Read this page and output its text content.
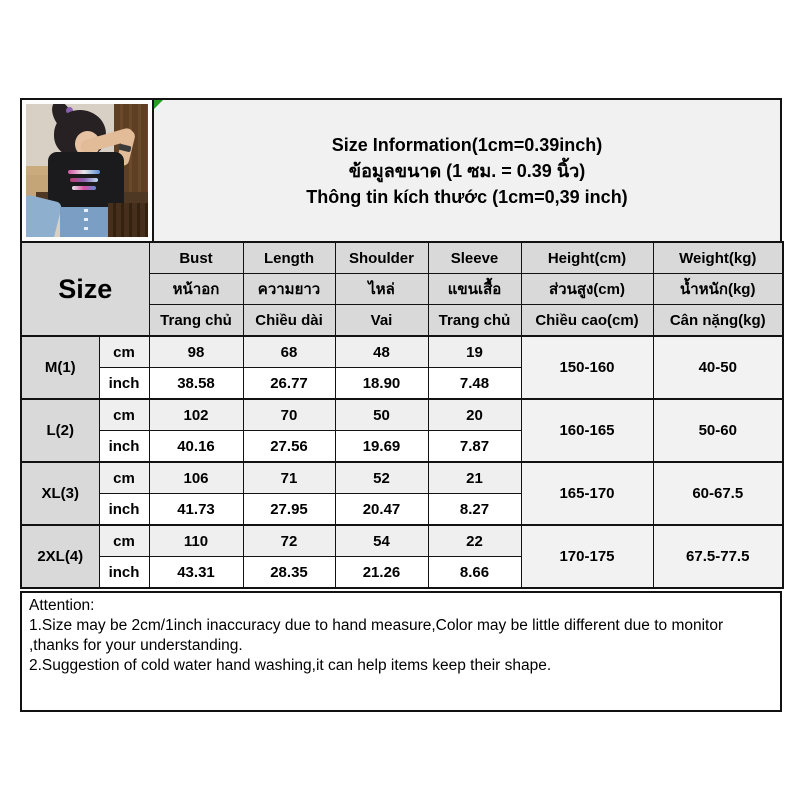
Size Information(1cm=0.39inch)
ข้อมูลขนาด (1 ซม. = 0.39 นิ้ว)
Thông tin kích thước (1cm=0,39 inch)
Size		Bust	Length	Shoulder	Sleeve	Height(cm)	Weight(kg)
		หน้าอก	ความยาว	ไหล่	แขนเสื้อ	ส่วนสูง(cm)	น้ำหนัก(kg)
		Trang chủ	Chiều dài	Vai	Trang chủ	Chiều cao(cm)	Cân nặng(kg)
M(1)	cm	98	68	48	19	150-160	40-50
	inch	38.58	26.77	18.90	7.48		
L(2)	cm	102	70	50	20	160-165	50-60
	inch	40.16	27.56	19.69	7.87		
XL(3)	cm	106	71	52	21	165-170	60-67.5
	inch	41.73	27.95	20.47	8.27		
2XL(4)	cm	110	72	54	22	170-175	67.5-77.5
	inch	43.31	28.35	21.26	8.66		
Attention:
1.Size may be 2cm/1inch inaccuracy due to hand measure,Color may be little different due to monitor ,thanks for your understanding.
2.Suggestion of cold water hand washing,it can help items keep their shape.
